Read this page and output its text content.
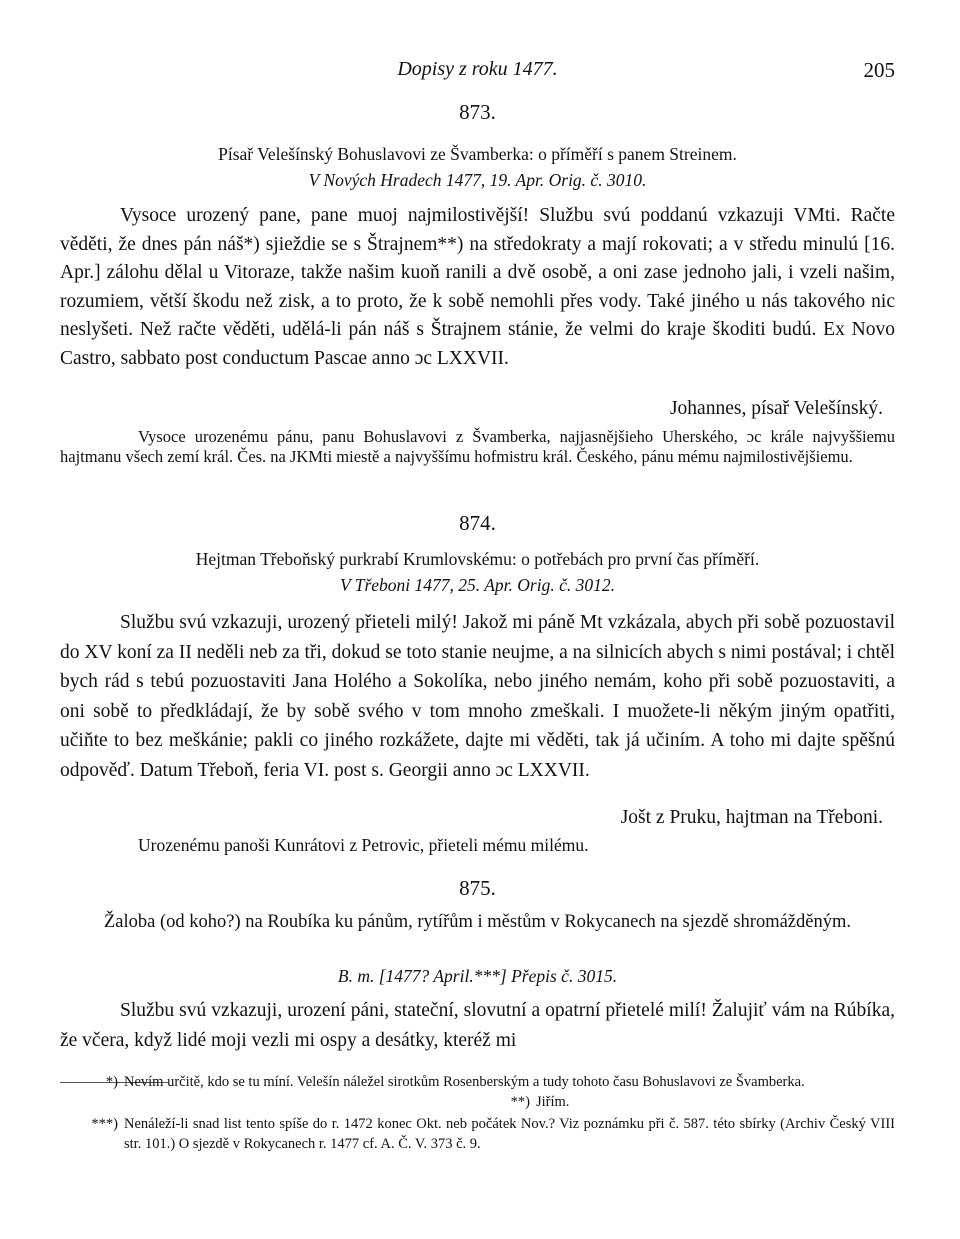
Dopisy z roku 1477.	205
873.
Písař Velešínský Bohuslavovi ze Švamberka: o příměří s panem Streinem.
V Nových Hradech 1477, 19. Apr. Orig. č. 3010.

Vysoce urozený pane, pane muoj najmilostivější! Službu svú poddanú vzkazuji VMti. Račte věděti, že dnes pán náš*) sjieždie se s Štrajnem**) na středokraty a mají rokovati; a v středu minulú [16. Apr.] zálohu dělal u Vitoraze, takže našim kuoň ranili a dvě osobě, a oni zase jednoho jali, i vzeli našim, rozumiem, větší škodu než zisk, a to proto, že k sobě nemohli přes vody. Také jiného u nás takového nic neslyšeti. Než račte věděti, udělá-li pán náš s Štrajnem stánie, že velmi do kraje škoditi budú. Ex Novo Castro, sabbato post conductum Pascae anno ɔc LXXVII.

Johannes, písař Velešínský.
Vysoce urozenému pánu, panu Bohuslavovi z Švamberka, najjasnějšieho Uherského, ɔc krále najvyššiemu hajtmanu všech zemí král. Čes. na JKMti miestě a najvyššímu hofmistru král. Českého, pánu mému najmilostivějšiemu.
874.
Hejtman Třeboňský purkrabí Krumlovskému: o potřebách pro první čas příměří.
V Třeboni 1477, 25. Apr. Orig. č. 3012.

Službu svú vzkazuji, urozený přieteli milý! Jakož mi páně Mt vzkázala, abych při sobě pozuostavil do XV koní za II neděli neb za tři, dokud se toto stanie neujme, a na silnicích abych s nimi postával; i chtěl bych rád s tebú pozuostaviti Jana Holého a Sokolíka, nebo jiného nemám, koho při sobě pozuostaviti, a oni sobě to předkládají, že by sobě svého v tom mnoho zmeškali. I muožete-li někým jiným opatřiti, učiňte to bez meškánie; pakli co jiného rozkážete, dajte mi věděti, tak já učiním. A toho mi dajte spěšnú odpověď. Datum Třeboň, feria VI. post s. Georgii anno ɔc LXXVII.

Jošt z Pruku, hajtman na Třeboni.
Urozenému panoši Kunrátovi z Petrovic, přieteli mému milému.
875.
Žaloba (od koho?) na Roubíka ku pánům, rytířům i městům v Rokycanech na sjezdě shromážděným.
B. m. [1477? April.***] Přepis č. 3015.

Službu svú vzkazuji, urození páni, stateční, slovutní a opatrní přietelé milí! Žalujiť vám na Rúbíka, že včera, když lidé moji vezli mi ospy a desátky, kteréž mi

*) Nevím určitě, kdo se tu míní. Velešín náležel sirotkům Rosenberským a tudy tohoto času Bohuslavovi ze Švamberka.
**) Jiřím.
***) Nenáleží-li snad list tento spíše do r. 1472 konec Okt. neb počátek Nov.? Viz poznámku při č. 587. této sbírky (Archiv Český VIII str. 101.) O sjezdě v Rokycanech r. 1477 cf. A. Č. V. 373 č. 9.
